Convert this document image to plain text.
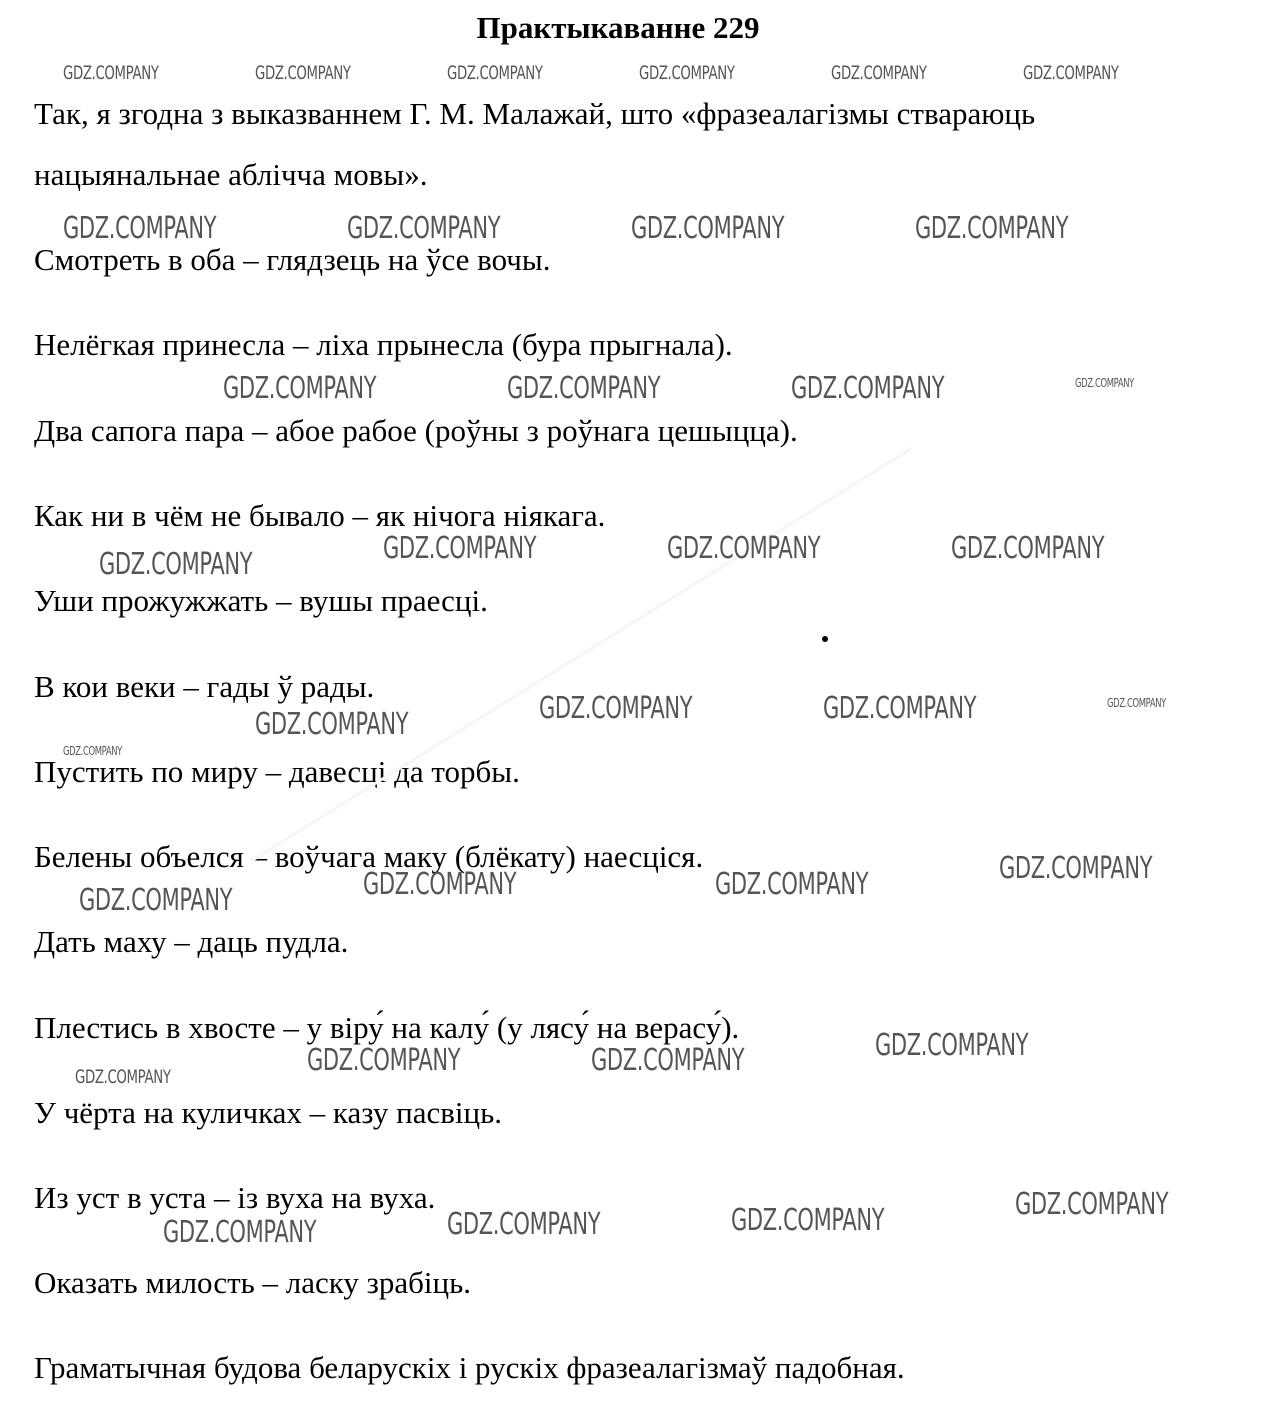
Практыкаванне 229
Так, я згодна з выказваннем Г. М. Малажай, што «фразеалагізмы ствараюць
нацыянальнае аблічча мовы».
Смотреть в оба – глядзець на ўсе вочы.
Нелёгкая принесла – ліха прынесла (бура прыгнала).
Два сапога пара – абое рабое (роўны з роўнага цешыцца).
Как ни в чём не бывало – як нічога ніякага.
Уши прожужжать – вушы праесці.
В кои веки – гады ў рады.
Пустить по миру – давесці да торбы.
Белены объелся – воўчага маку (блёкату) наесціся.
Дать маху – даць пудла.
Плестись в хвосте – у віру́ на калу́ (у лясу́ на верасу́).
У чёрта на куличках – казу пасвіць.
Из уст в уста – із вуха на вуха.
Оказать милость – ласку зрабіць.
Граматычная будова беларускіх і рускіх фразеалагізмаў падобная.
GDZ.COMPANY	GDZ.COMPANY	GDZ.COMPANY	GDZ.COMPANY	GDZ.COMPANY	GDZ.COMPANY
GDZ.COMPANY	GDZ.COMPANY	GDZ.COMPANY	GDZ.COMPANY
GDZ.COMPANY	GDZ.COMPANY	GDZ.COMPANY	GDZ.COMPANY
GDZ.COMPANY	GDZ.COMPANY	GDZ.COMPANY	GDZ.COMPANY
GDZ.COMPANY	GDZ.COMPANY	GDZ.COMPANY	GDZ.COMPANY
GDZ.COMPANY
GDZ.COMPANY
GDZ.COMPANY	GDZ.COMPANY
GDZ.COMPANY
GDZ.COMPANY
GDZ.COMPANY	GDZ.COMPANY
GDZ.COMPANY
GDZ.COMPANY
GDZ.COMPANY	GDZ.COMPANY
GDZ.COMPANY
